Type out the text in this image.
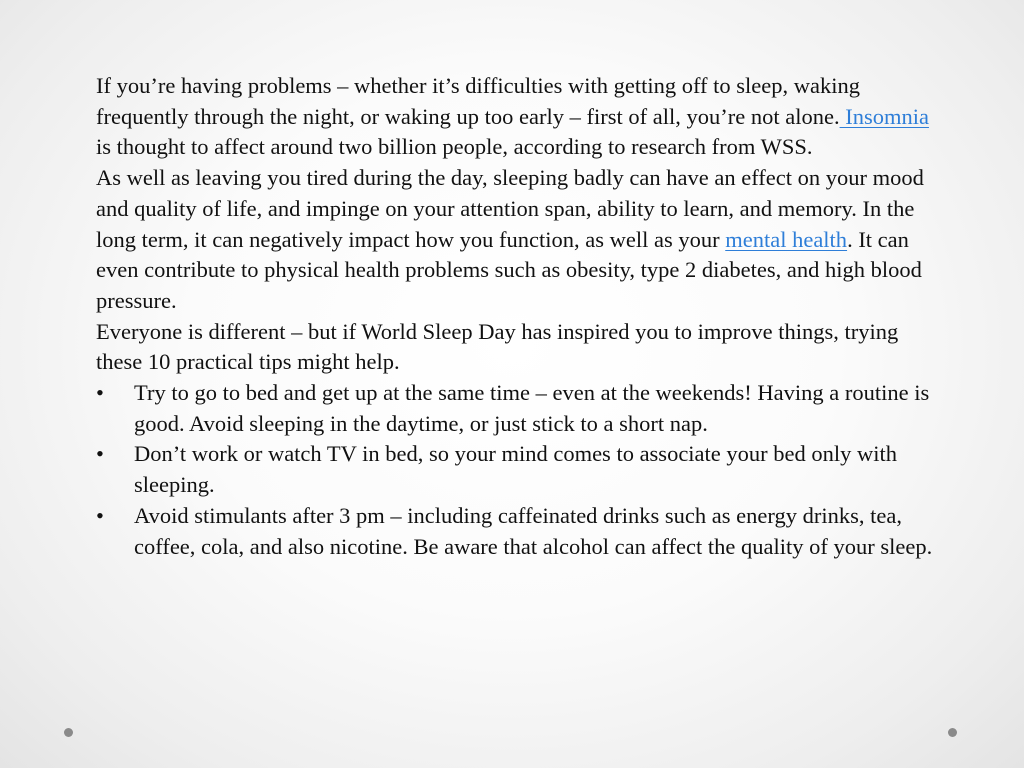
If you’re having problems – whether it’s difficulties with getting off to sleep, waking frequently through the night, or waking up too early – first of all, you’re not alone. Insomnia is thought to affect around two billion people, according to research from WSS.

As well as leaving you tired during the day, sleeping badly can have an effect on your mood and quality of life, and impinge on your attention span, ability to learn, and memory. In the long term, it can negatively impact how you function, as well as your mental health. It can even contribute to physical health problems such as obesity, type 2 diabetes, and high blood pressure.

Everyone is different – but if World Sleep Day has inspired you to improve things, trying these 10 practical tips might help.

•	Try to go to bed and get up at the same time – even at the weekends! Having a routine is good. Avoid sleeping in the daytime, or just stick to a short nap.
•	Don’t work or watch TV in bed, so your mind comes to associate your bed only with sleeping.
•	Avoid stimulants after 3 pm – including caffeinated drinks such as energy drinks, tea, coffee, cola, and also nicotine. Be aware that alcohol can affect the quality of your sleep.
